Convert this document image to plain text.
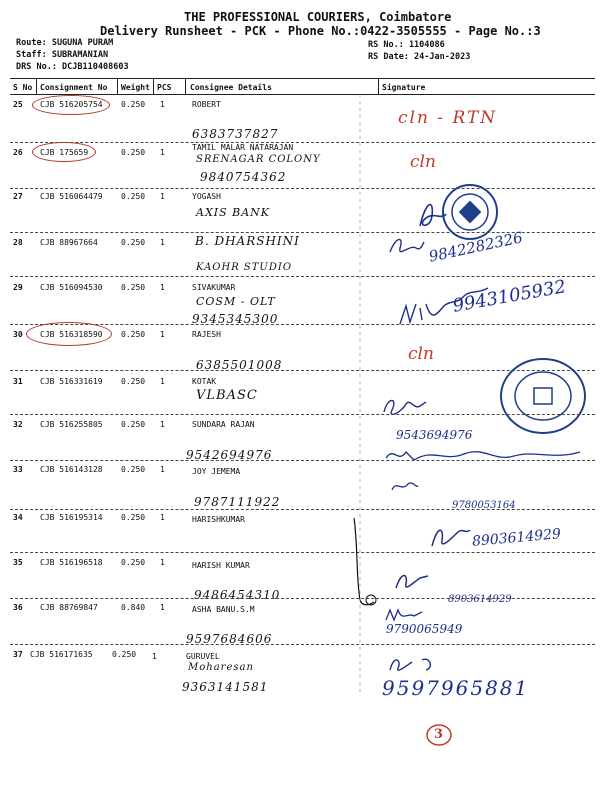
THE PROFESSIONAL COURIERS, Coimbatore
Delivery Runsheet - PCK - Phone No.:0422-3505555 - Page No.:3
Route: SUGUNA PURAM
Staff: SUBRAMANIAN
DRS No.: DCJB110408603
RS No.: 1104086
RS Date: 24-Jan-2023
S No Consignment No Weight PCS Consignee Details	Signature
25 CJB 516205754 0.250 1	ROBERT
6383737827
cln - RTN
26 CJB 175659	0.250 1
TAMIL MALAR NATARAJAN
SRENAGAR COLONY
9840754362
cln
27 CJB 516064479 0.250 1	YOGASH
AXIS BANK
28 CJB 88967664	0.250 1	B. DHARSHINI
KAOHR STUDIO
9842282326
29 CJB 516094530 0.250 1	SIVAKUMAR
COSM - OLT
9345345300
9943105932
30 CJB 516318590 0.250 1	RAJESH
6385501008
cln
31 CJB 516331619 0.250 1	KOTAK
VLBASC
32 CJB 516255805 0.250 1	SUNDARA RAJAN
9542694976
9543694976
33 CJB 516143128 0.250 1	JOY JEMEMA
9787111922	9780053164
34 CJB 516195314 0.250 1	HARISHKUMAR
8903614929
35 CJB 516196518 0.250 1	HARISH KUMAR
9486454310	8903614929
36 CJB 88769847	0.840 1	ASHA BANU.S.M
9597684606
9790065949
37 CJB 516171635 0.250 1	GURUVEL
Moharesan
9363141581	9597965881
3
